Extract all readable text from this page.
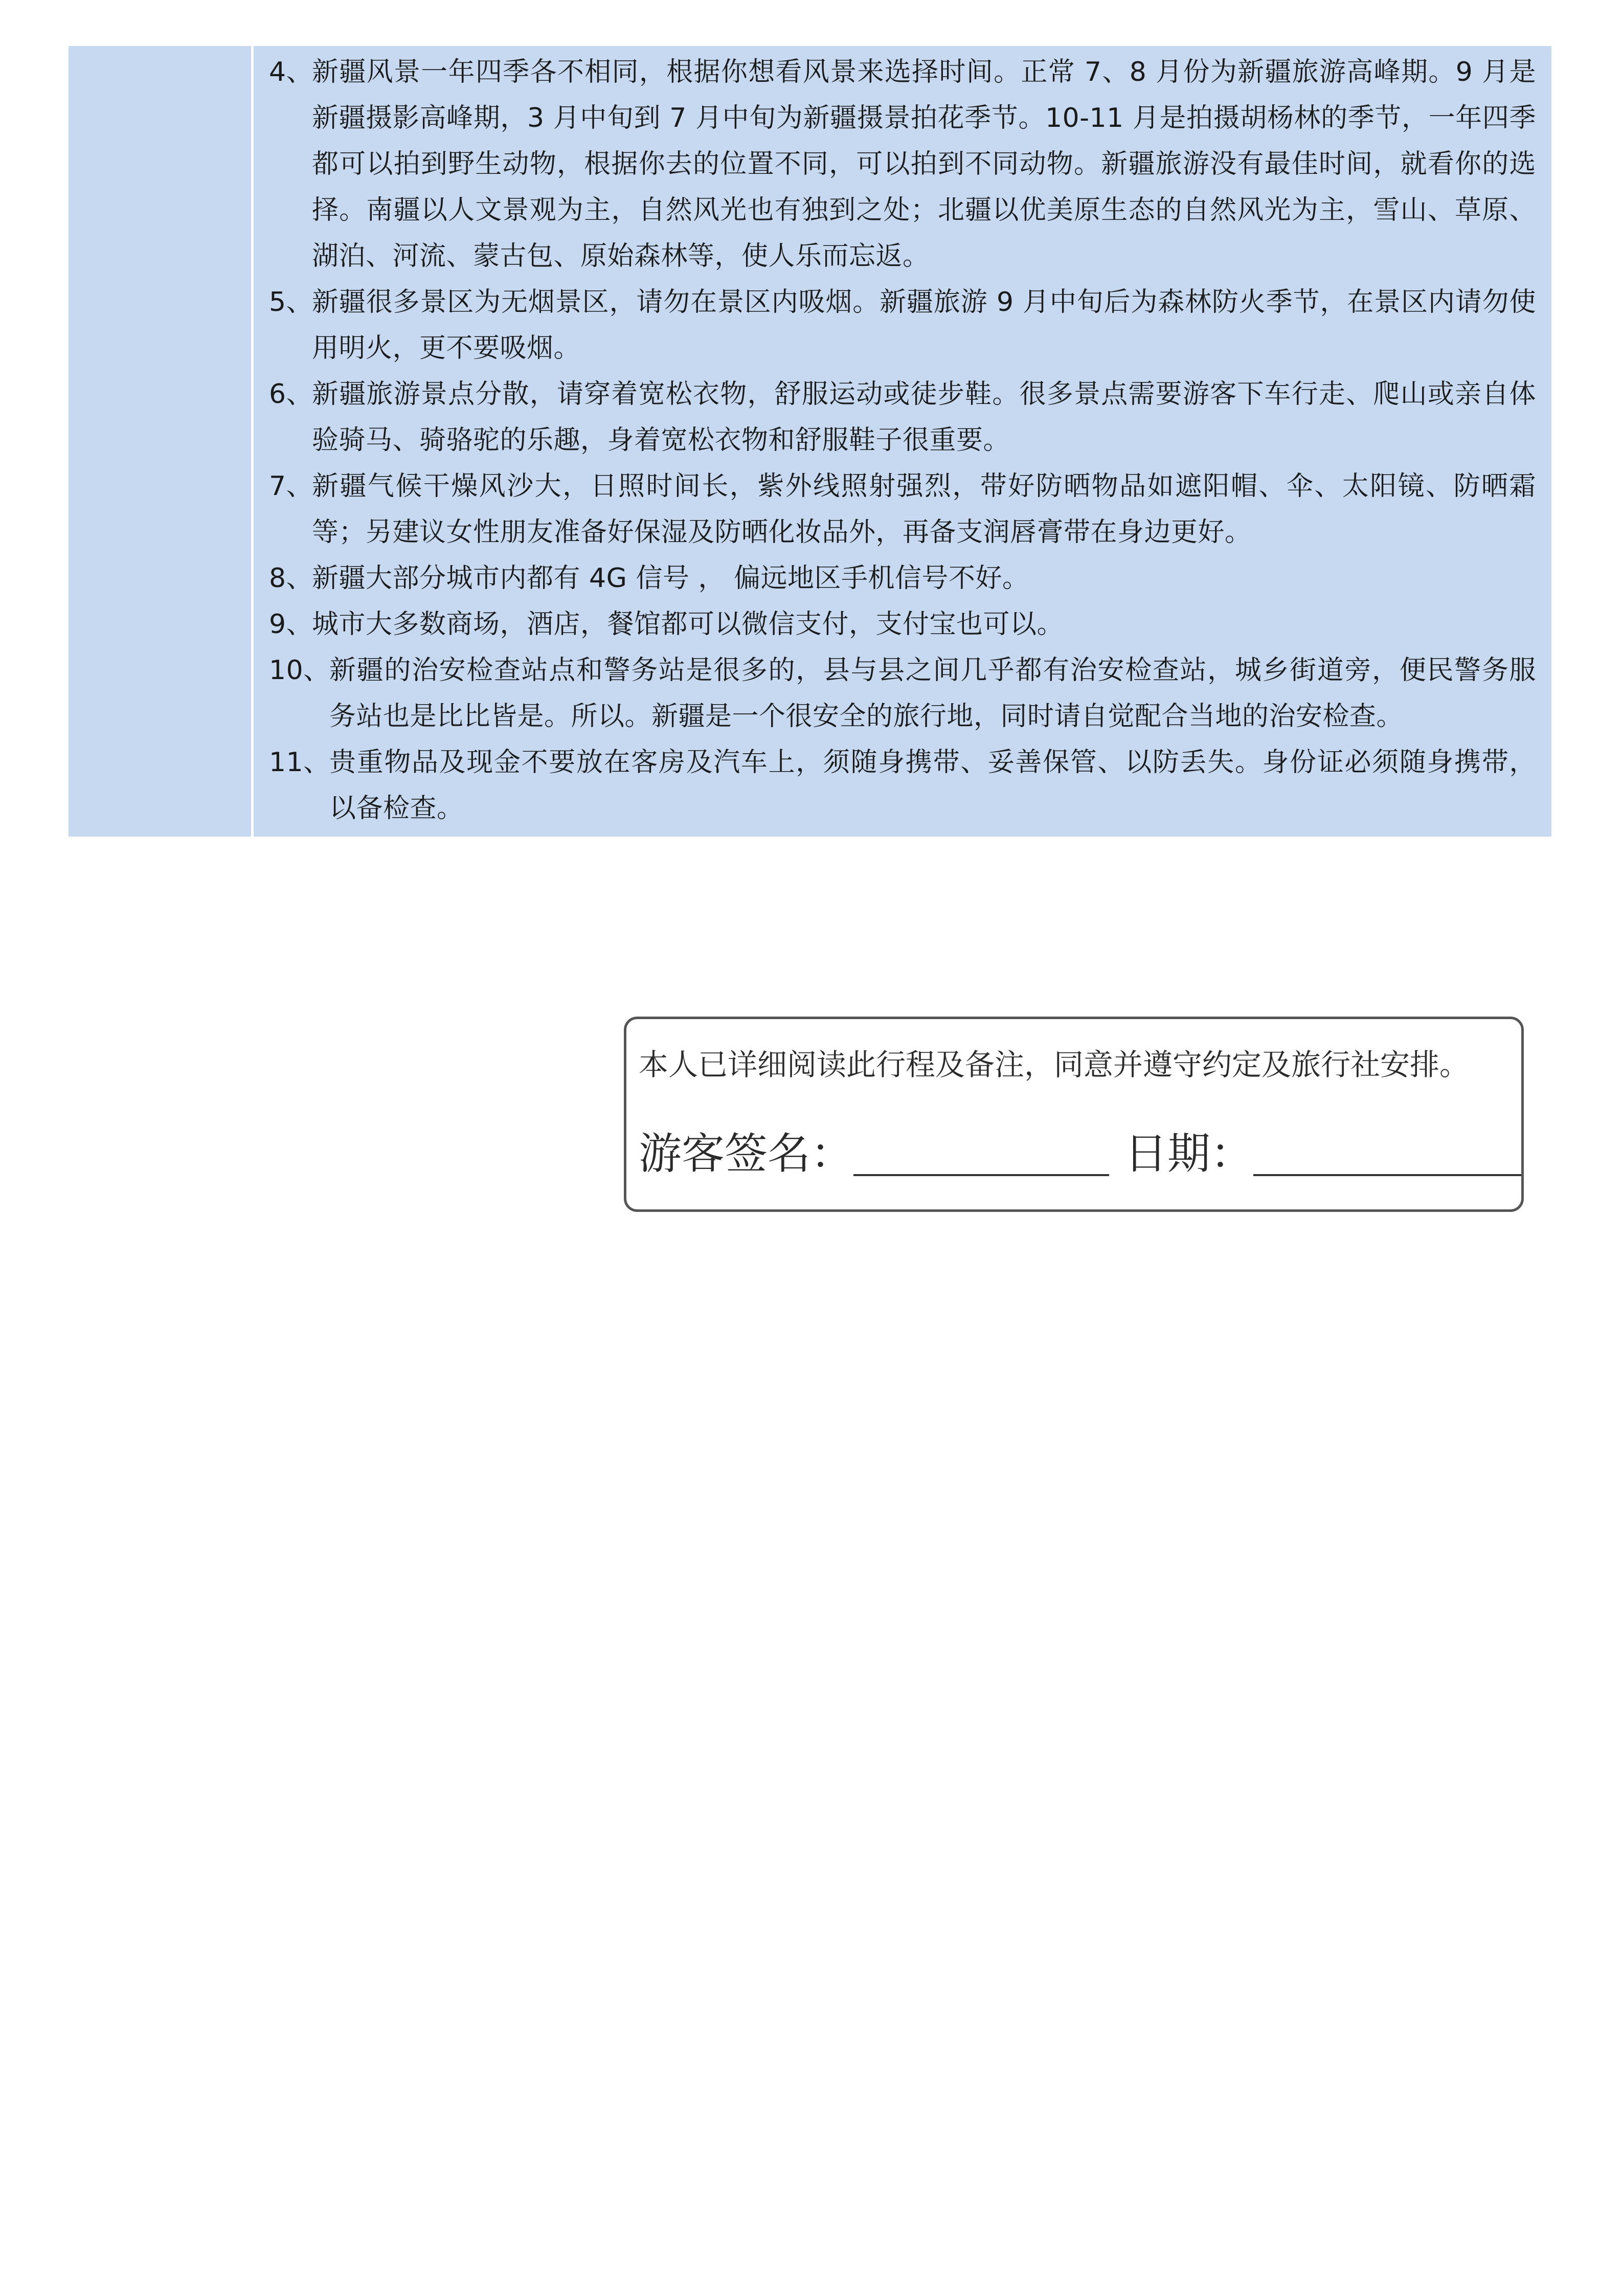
4、
新疆风景一年四季各不相同，根据你想看风景来选择时间。正常 7、8 月份为新疆旅游高峰期。9 月是新疆摄影高峰期，3 月中旬到 7 月中旬为新疆摄景拍花季节。10-11 月是拍摄胡杨林的季节，一年四季都可以拍到野生动物，根据你去的位置不同，可以拍到不同动物。新疆旅游没有最佳时间，就看你的选择。南疆以人文景观为主，自然风光也有独到之处；北疆以优美原生态的自然风光为主，雪山、草原、湖泊、河流、蒙古包、原始森林等，使人乐而忘返。
5、
新疆很多景区为无烟景区，请勿在景区内吸烟。新疆旅游 9 月中旬后为森林防火季节，在景区内请勿使用明火，更不要吸烟。
6、
新疆旅游景点分散，请穿着宽松衣物，舒服运动或徒步鞋。很多景点需要游客下车行走、爬山或亲自体验骑马、骑骆驼的乐趣，身着宽松衣物和舒服鞋子很重要。
7、
新疆气候干燥风沙大，日照时间长，紫外线照射强烈，带好防晒物品如遮阳帽、伞、太阳镜、防晒霜等；另建议女性朋友准备好保湿及防晒化妆品外，再备支润唇膏带在身边更好。
8、
新疆大部分城市内都有 4G 信号 ， 偏远地区手机信号不好。
9、
城市大多数商场，酒店，餐馆都可以微信支付，支付宝也可以。
10、
新疆的治安检查站点和警务站是很多的，县与县之间几乎都有治安检查站，城乡街道旁，便民警务服务站也是比比皆是。所以。新疆是一个很安全的旅行地，同时请自觉配合当地的治安检查。
11、
贵重物品及现金不要放在客房及汽车上，须随身携带、妥善保管、以防丢失。身份证必须随身携带，以备检查。
本人已详细阅读此行程及备注，同意并遵守约定及旅行社安排。
游客签名：	日期：
